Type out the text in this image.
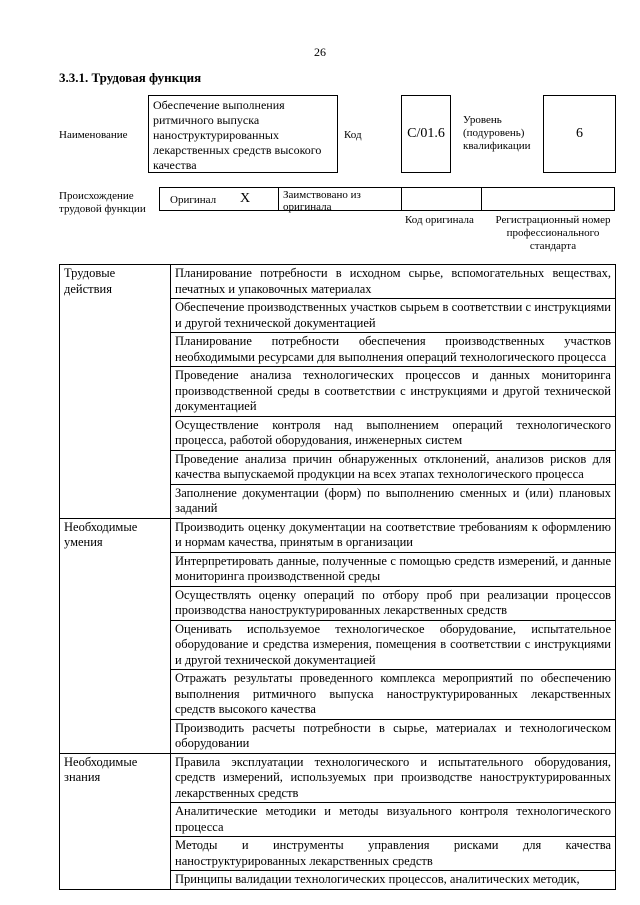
26
3.3.1. Трудовая функция
Наименование
Обеспечение выполнения ритмичного выпуска наноструктурированных лекарственных средств высокого качества
Код	C/01.6
Уровень (подуровень) квалификации
6
Происхождение трудовой функции
Оригинал X	Заимствовано из оригинала
Код оригинала	Регистрационный номер профессионального стандарта
Трудовые действия	Планирование потребности в исходном сырье, вспомогательных веществах, печатных и упаковочных материалах
	Обеспечение производственных участков сырьем в соответствии с инструкциями и другой технической документацией
	Планирование потребности обеспечения производственных участков необходимыми ресурсами для выполнения операций технологического процесса
	Проведение анализа технологических процессов и данных мониторинга производственной среды в соответствии с инструкциями и другой технической документацией
	Осуществление контроля над выполнением операций технологического процесса, работой оборудования, инженерных систем
	Проведение анализа причин обнаруженных отклонений, анализов рисков для качества выпускаемой продукции на всех этапах технологического процесса
	Заполнение документации (форм) по выполнению сменных и (или) плановых заданий
Необходимые умения	Производить оценку документации на соответствие требованиям к оформлению и нормам качества, принятым в организации
	Интерпретировать данные, полученные с помощью средств измерений, и данные мониторинга производственной среды
	Осуществлять оценку операций по отбору проб при реализации процессов производства наноструктурированных лекарственных средств
	Оценивать используемое технологическое оборудование, испытательное оборудование и средства измерения, помещения в соответствии с инструкциями и другой технической документацией
	Отражать результаты проведенного комплекса мероприятий по обеспечению выполнения ритмичного выпуска наноструктурированных лекарственных средств высокого качества
	Производить расчеты потребности в сырье, материалах и технологическом оборудовании
Необходимые знания	Правила эксплуатации технологического и испытательного оборудования, средств измерений, используемых при производстве наноструктурированных лекарственных средств
	Аналитические методики и методы визуального контроля технологического процесса
	Методы и инструменты управления рисками для качества наноструктурированных лекарственных средств
	Принципы валидации технологических процессов, аналитических методик,
